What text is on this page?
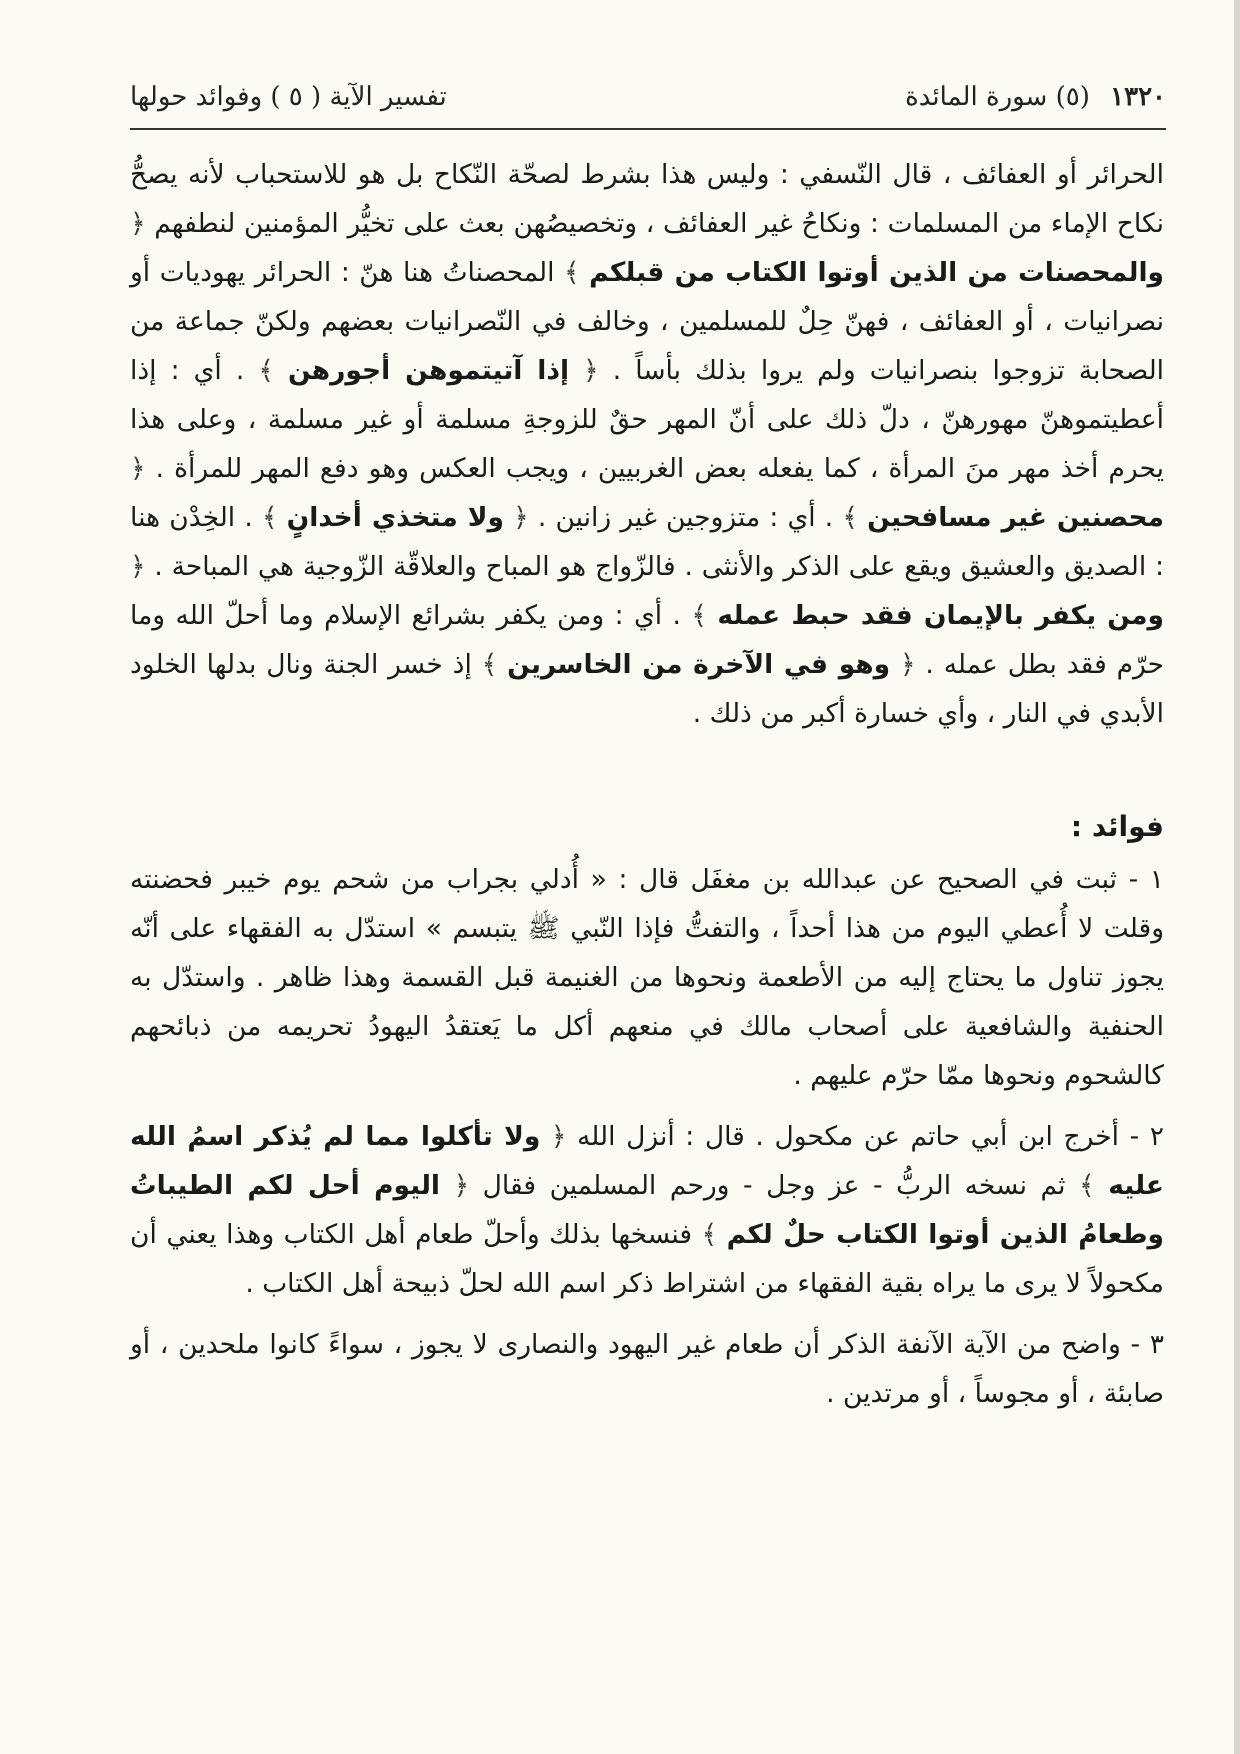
١٣٢٠ (٥) سورة المائدة
تفسير الآية ( ٥ ) وفوائد حولها

الحرائر أو العفائف ، قال النّسفي : وليس هذا بشرط لصحّة النّكاح بل هو للاستحباب لأنه يصحُّ نكاح الإماء من المسلمات : ونكاحُ غير العفائف ، وتخصيصُهن بعث على تخيُّر المؤمنين لنطفهم ﴿ والمحصنات من الذين أوتوا الكتاب من قبلكم ﴾ المحصناتُ هنا هنّ : الحرائر يهوديات أو نصرانيات ، أو العفائف ، فهنّ حِلٌ للمسلمين ، وخالف في النّصرانيات بعضهم ولكنّ جماعة من الصحابة تزوجوا بنصرانيات ولم يروا بذلك بأساً . ﴿ إذا آتيتموهن أجورهن ﴾ . أي : إذا أعطيتموهنّ مهورهنّ ، دلّ ذلك على أنّ المهر حقٌ للزوجةِ مسلمة أو غير مسلمة ، وعلى هذا يحرم أخذ مهر منَ المرأة ، كما يفعله بعض الغربيين ، ويجب العكس وهو دفع المهر للمرأة . ﴿ محصنين غير مسافحين ﴾ . أي : متزوجين غير زانين . ﴿ ولا متخذي أخدانٍ ﴾ . الخِدْن هنا : الصديق والعشيق ويقع على الذكر والأنثى . فالزّواج هو المباح والعلاقّة الزّوجية هي المباحة . ﴿ ومن يكفر بالإيمان فقد حبط عمله ﴾ . أي : ومن يكفر بشرائع الإسلام وما أحلّ الله وما حرّم فقد بطل عمله . ﴿ وهو في الآخرة من الخاسرين ﴾ إذ خسر الجنة ونال بدلها الخلود الأبدي في النار ، وأي خسارة أكبر من ذلك .

فوائد :

١ - ثبت في الصحيح عن عبدالله بن مغفَل قال : « أُدلي بجراب من شحم يوم خيبر فحضنته وقلت لا أُعطي اليوم من هذا أحداً ، والتفتُّ فإذا النّبي ﷺ يتبسم » استدّل به الفقهاء على أنّه يجوز تناول ما يحتاج إليه من الأطعمة ونحوها من الغنيمة قبل القسمة وهذا ظاهر . واستدّل به الحنفية والشافعية على أصحاب مالك في منعهم أكل ما يَعتقدُ اليهودُ تحريمه من ذبائحهم كالشحوم ونحوها ممّا حرّم عليهم .

٢ - أخرج ابن أبي حاتم عن مكحول . قال : أنزل الله ﴿ ولا تأكلوا مما لم يُذكر اسمُ الله عليه ﴾ ثم نسخه الربُّ - عز وجل - ورحم المسلمين فقال ﴿ اليوم أحل لكم الطيباتُ وطعامُ الذين أوتوا الكتاب حلٌ لكم ﴾ فنسخها بذلك وأحلّ طعام أهل الكتاب وهذا يعني أن مكحولاً لا يرى ما يراه بقية الفقهاء من اشتراط ذكر اسم الله لحلّ ذبيحة أهل الكتاب .

٣ - واضح من الآية الآنفة الذكر أن طعام غير اليهود والنصارى لا يجوز ، سواءً كانوا ملحدين ، أو صابئة ، أو مجوساً ، أو مرتدين .
